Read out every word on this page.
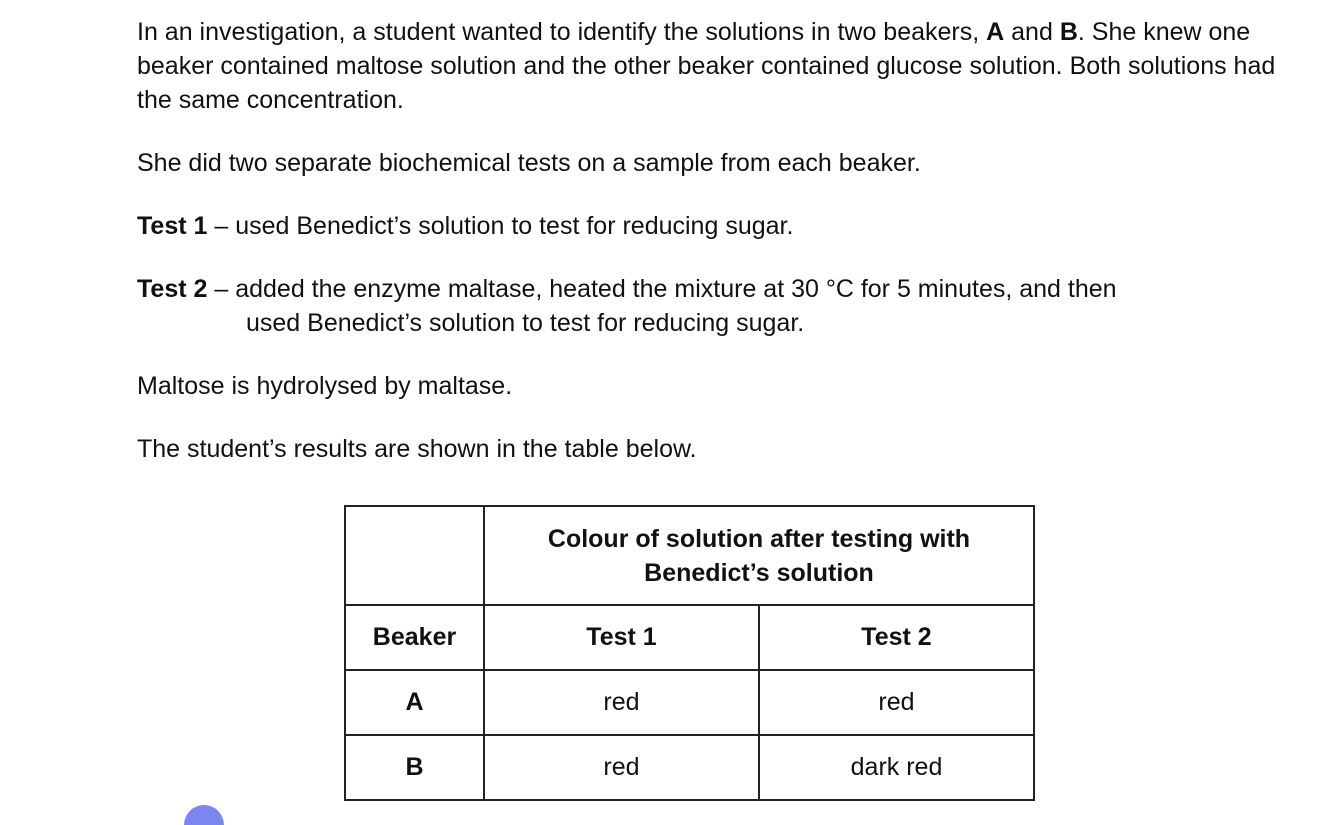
In an investigation, a student wanted to identify the solutions in two beakers, A and B. She knew one beaker contained maltose solution and the other beaker contained glucose solution. Both solutions had the same concentration.

She did two separate biochemical tests on a sample from each beaker.

Test 1 – used Benedict’s solution to test for reducing sugar.

Test 2 – added the enzyme maltase, heated the mixture at 30 °C for 5 minutes, and then
used Benedict’s solution to test for reducing sugar.

Maltose is hydrolysed by maltase.

The student’s results are shown in the table below.

	Colour of solution after testing with
Benedict’s solution	

Beaker	Test 1	Test 2
A	red	red
B	red	dark red
